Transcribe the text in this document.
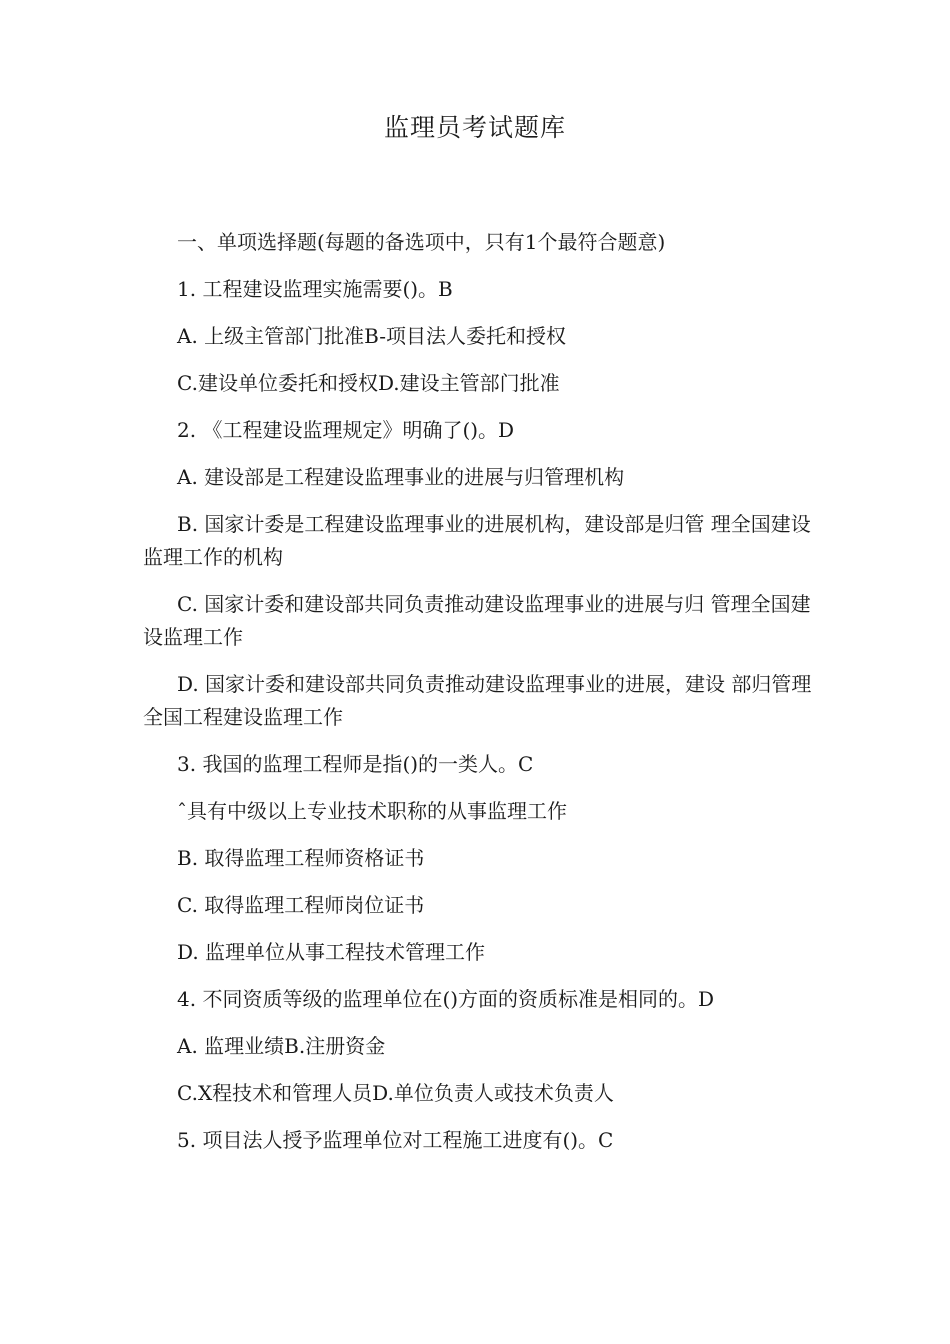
监理员考试题库

一、单项选择题(每题的备选项中，只有1个最符合题意)

1. 工程建设监理实施需要()。B

A. 上级主管部门批准B-项目法人委托和授权

C.建设单位委托和授权D.建设主管部门批准

2. 《工程建设监理规定》明确了()。D

A. 建设部是工程建设监理事业的进展与归管理机构

B. 国家计委是工程建设监理事业的进展机构，建设部是归管 理全国建设监理工作的机构

C. 国家计委和建设部共同负责推动建设监理事业的进展与归 管理全国建设监理工作

D. 国家计委和建设部共同负责推动建设监理事业的进展，建设 部归管理全国工程建设监理工作

3. 我国的监理工程师是指()的一类人。C

ˆ具有中级以上专业技术职称的从事监理工作

B. 取得监理工程师资格证书

C. 取得监理工程师岗位证书

D. 监理单位从事工程技术管理工作

4. 不同资质等级的监理单位在()方面的资质标准是相同的。D

A. 监理业绩B.注册资金

C.X程技术和管理人员D.单位负责人或技术负责人

5. 项目法人授予监理单位对工程施工进度有()。C
